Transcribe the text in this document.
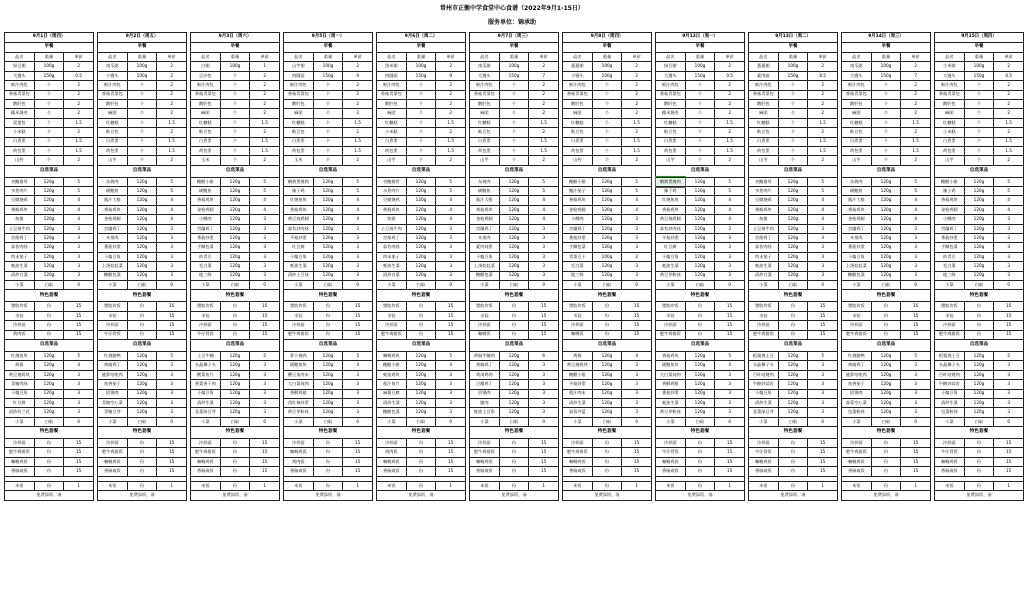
常州市正衡中学食堂中心食谱（2022年9月1-15日）
服务单位：锦承助
9月1日（周四）		
早餐		
品名	重量	单价
绿豆粥	100g	2
大馒头	150g	0.5
鲜汁肉包	个	2
香菇青菜包	个	2
鹅肝包	个	2
糯米烧麦	个	2
富莲包	个	1.5
小米糕	个	2
白煮蛋	个	1.5
荷包蛋	个	1.5
山药	个	2
自选菜品		
杏鲍排骨	120g	5
水煮肉片	120g	5
豆腐烧鸡	120g	4
黄焖鸡块	120g	4
鱼排	120g	4
土豆炖牛肉	120g	3
宫保鸡丁	120g	3
蒜苔肉丝	120g	3
肉末茄子	120g	3
蚝油生菜	120g	3
清炒白菜	120g	3
小菜	白取	0
特色套餐		
猪肋炸饭	份	15
水饺	份	15
冷拌面	份	15
鸡肉饭	份	15
自选菜品		
红烧鱼块	120g	5
鸡排	120g	4
黄豆烧鸡块	120g	3
青椒肉丝	120g	3
干煸豆角	120g	3
红豆腐	120g	3
清炒西兰花	120g	3
小菜	白取	0
特色套餐		
冷拌面	份	15
肥牛鸡排饭	份	15
咖喱鸡饭	份	15
香肠咸饭	份	15

米饭	份	1
免费添饭、汤		
9月2日（周五）		
早餐		
品名	重量	单价
南瓜粥	100g	2
小馒头	100g	2
鲜汁肉包	个	2
香菇青菜包	个	2
鹅肝包	个	2
麻团	个	2
红糖糕	个	1.5
粘豆包	个	2
白煮蛋	个	1.5
荷包蛋	个	1.5
山芋	个	2
自选菜品		
东坡肉	120g	5
刷鲍鱼	120g	5
酱汁大排	120g	4
香菇鸡块	120g	4
金枪鸡腿	120g	4
宫爆鸡丁	120g	3
木须肉	120g	3
番茄炒蛋	120g	3
干煸豆角	120g	3
上汤娃娃菜	120g	3
糖醋包菜	120g	3
小菜	白取	0
特色套餐		
猪肋炸饭	份	15
水饺	份	15
冷拌面	份	15
牛仔骨饭	份	15
自选菜品		
红烧腊鸭	120g	5
黄焖鸡丁	120g	3
菠萝咕咾肉	120g	3
鱼香茄子	120g	3
回锅肉	120g	3
青椒空心菜	120g	3
青椒豆芽	120g	3
小菜	白取	0
特色套餐		
冷拌面	份	15
肥牛鸡排饭	份	15
咖喱鸡饭	份	15
香肠咸饭	份	15

米饭	份	1
免费添饭、汤		
9月3日（周六）		
早餐		
品名	重量	单价
白粥	100g	1
豆沙包	个	2
鲜汁肉包	个	2
香菇青菜包	个	2
鹅肝包	个	2
麻团	个	2
红糖糕	个	1.5
粘豆包	个	2
白煮蛋	个	1.5
荷包蛋	个	1.5
玉米	个	2
自选菜品		
糖醋小排	120g	5
刷鲍鱼	120g	5
香菇鸡块	120g	4
金枪鸡腿	120g	4
小酥肉	120g	3
宫爆鸡丁	120g	3
番茄炒蛋	120g	3
手撕包菜	120g	3
炒青豆	120g	3
毛白菜	120g	3
地三鲜	120g	3
小菜	白取	0
特色套餐		
猪肋炸饭	份	15
水饺	份	15
冷拌面	份	15
牛仔骨饭	份	15
自选菜品		
土豆牛腩	120g	5
水晶狮子头	120g	3
酸菜鱼片	120g	3
香菜香干肉	120g	3
干煸豆角	120g	3
清炒生菜	120g	3
韭菜绿豆芽	120g	3
小菜	白取	0
特色套餐		
冷拌面	份	15
肥牛鸡排饭	份	15
咖喱鸡饭	份	15
香肠咸饭	份	15

米饭	份	1
免费添饭、汤		
9月5日（周一）		
早餐		
品名	重量	单价
山芋粥	100g	2
肉圆面	150g	9
鲜汁肉包	个	2
香菇青菜包	个	2
鹅肝包	个	2
麻团	个	2
红糖糕	个	1.5
粘豆包	个	2
白煮蛋	个	1.5
荷包蛋	个	1.5
玉米	个	2
自选菜品		
鹌鹑蛋烧肉	120g	5
辣子鸡	120g	5
红烧鱼块	120g	4
香菇鸡块	120g	4
黄豆炖鸡腿	120g	4
蒜苔炒肉丝	120g	3
平菇炒蛋	120g	3
红豆腐	120g	3
干煸豆角	120g	3
蚝油生菜	120g	3
清炒土豆丝	120g	3
小菜	白取	0
特色套餐		
猪肋炸饭	份	15
水饺	份	15
冷拌面	份	15
肥牛鸡排饭	份	15
自选菜品		
萝卜烧肉	120g	5
刷鲍鱼块	120g	4
酸豆角肉末	120g	3
大白菜炖肉	120g	3
香酥鸡排	120g	3
西红柿炒蛋	120g	3
黄豆芽粉丝	120g	3
小菜	白取	0
特色套餐		
冷拌面	份	15
咖喱鸡饭	份	15
鸡肉饭	份	15
香肠咸饭	份	15

米饭	份	1
免费添饭、汤		
9月6日（周二）		
早餐		
品名	重量	单价
黑米粥	100g	2
肉圆面	150g	9
鲜汁肉包	个	2
香菇青菜包	个	2
鹅肝包	个	2
麻团	个	2
红糖糕	个	1.5
小米糕	个	2
白煮蛋	个	1.5
荷包蛋	个	1.5
山芋	个	2
自选菜品		
杏鲍排骨	120g	5
水煮肉片	120g	5
豆腐烧鸡	120g	4
黄焖鸡块	120g	4
鱼排	120g	4
土豆炖牛肉	120g	3
宫保鸡丁	120g	3
蒜苔肉丝	120g	3
肉末茄子	120g	3
蚝油生菜	120g	3
清炒白菜	120g	3
小菜	白取	0
特色套餐		
猪肋炸饭	份	15
水饺	份	15
冷拌面	份	15
肥牛鸡排饭	份	15
自选菜品		
咖喱鸡块	120g	5
糖醋小排	120g	4
蚝油鸡块	120g	3
茄汁鱼片	120g	3
麻婆豆腐	120g	3
清炒生菜	120g	3
糖醋包菜	120g	3
小菜	白取	0
特色套餐		
冷拌面	份	15
鸡肉饭	份	15
咖喱鸡饭	份	15
香肠咸饭	份	15

米饭	份	1
免费添饭、汤		
9月7日（周三）		
早餐		
品名	重量	单价
南瓜粥	100g	2
大馒头	150g	7
鲜汁肉包	个	2
香菇青菜包	个	2
鹅肝包	个	2
麻团	个	2
红糖糕	个	1.5
粘豆包	个	2
白煮蛋	个	1.5
荷包蛋	个	1.5
山芋	个	2
自选菜品		
东坡肉	120g	5
刷鲍鱼	120g	5
酱汁大排	120g	4
香菇鸡块	120g	4
金枪鸡腿	120g	4
宫爆鸡丁	120g	3
木须肉	120g	3
素肉炖蛋	120g	3
干煸豆角	120g	3
上汤娃娃菜	120g	3
糖醋包菜	120g	3
小菜	白取	0
特色套餐		
猪肋炸饭	份	15
水饺	份	15
冷拌面	份	15
咖喱饭	份	15
自选菜品		
黄焖牛腩肉	120g	6
黄焖鸡丁	120g	3
鸡汤鸡肉	120g	3
豆瓣鸡丁	120g	3
回锅肉	120g	3
腊肉	120g	3
蚝油上豆角	120g	3
小菜	白取	0
特色套餐		
冷拌面	份	15
肥牛鸡排饭	份	15
咖喱鸡饭	份	15
香肠咸饭	份	15

米饭	份	1
免费添饭、汤		
9月8日（周四）		
早餐		
品名	重量	单价
薏薏粥	100g	2
小馒头	100g	2
鲜汁肉包	个	2
香菇青菜包	个	2
鹅肝包	个	2
麻团	个	2
红糖糕	个	1.5
粘豆包	个	2
白煮蛋	个	1.5
荷包蛋	个	1.5
山药	个	2
自选菜品		
糖醋小排	120g	5
鲍汁茄子	120g	5
香菇鸡块	120g	4
金枪鸡腿	120g	4
小酥肉	120g	3
宫爆鸡丁	120g	3
番茄炒蛋	120g	3
手撕包菜	120g	3
青菜豆干	100g	2
毛白菜	120g	3
地三鲜	120g	3
小菜	白取	0
特色套餐		
猪肋炸饭	份	15
水饺	份	15
冷拌面	份	15
咖喱饭	份	15
自选菜品		
鸡排	120g	4
黄豆烧鸡块	120g	3
糖醋小排	120g	3
平菇炒蛋	120g	3
茄汁肉末	120g	3
清炒生菜	120g	3
蒜蓉芥蓝	120g	3
小菜	白取	0
特色套餐		
冷拌面	份	15
肥牛鸡排饭	份	15
咖喱鸡饭	份	15
香肠咸饭	份	15

米饭	份	1
免费添饭、汤		
9月12日（周一）		
早餐		
品名	重量	单价
绿豆粥	100g	2
大馒头	150g	0.5
鲜汁肉包	个	2
香菇青菜包	个	2
鹅肝包	个	2
糯米烧麦	个	2
红糖糕	个	1.5
粘豆包	个	2
白煮蛋	个	1.5
荷包蛋	个	1.5
山芋	个	2
自选菜品		
鹌鹑蛋烧肉	120g	5
辣子鸡	120g	5
红烧鱼块	120g	4
香菇鸡块	120g	4
黄豆炖鸡腿	120g	4
蒜苔炒肉丝	120g	3
平菇炒蛋	120g	3
红豆腐	120g	3
干煸豆角	120g	3
蚝油生菜	120g	3
黄豆芽粉丝	120g	3
小菜	白取	0
特色套餐		
猪肋炸饭	份	15
水饺	份	15
冷拌面	份	15
肥牛鸡排饭	份	15
自选菜品		
香菇鸡块	120g	5
刷鲍鱼块	120g	4
大白菜炖肉	120g	3
香酥鸡排	120g	3
番茄炒蛋	120g	3
蚝油生菜	120g	3
黄豆芽粉丝	120g	3
小菜	白取	0
特色套餐		
冷拌面	份	15
牛仔骨饭	份	15
咖喱鸡饭	份	15
香肠咸饭	份	15

米饭	份	1
免费添饭、汤		
9月13日（周二）		
早餐		
品名	重量	单价
薏薏粥	100g	2
素肉面	150g	8.5
鲜汁肉包	个	2
香菇青菜包	个	2
鹅肝包	个	2
麻团	个	2
红糖糕	个	1.5
粘豆包	个	2
白煮蛋	个	1.5
荷包蛋	个	1.5
山芋	个	2
自选菜品		
杏鲍排骨	120g	5
水煮肉片	120g	5
豆腐烧鸡	120g	4
黄焖鸡块	120g	4
鱼排	120g	4
土豆炖牛肉	120g	3
宫保鸡丁	120g	3
蒜苔肉丝	120g	3
肉末茄子	120g	3
蚝油生菜	120g	3
清炒白菜	120g	3
小菜	白取	0
特色套餐		
猪肋炸饭	份	15
水饺	份	15
冷拌面	份	15
肥牛鸡排饭	份	15
自选菜品		
板栗烧土豆	120g	5
水晶狮子头	120g	3
百叶结烧肉	120g	3
牛柳炒蒜苔	120g	3
干煸豆角	120g	3
清炒生菜	120g	3
韭菜绿豆芽	120g	3
小菜	白取	0
特色套餐		
冷拌面	份	15
牛仔骨饭	份	15
咖喱鸡饭	份	15
香肠咸饭	份	15

米饭	份	1
免费添饭、汤		
9月14日（周三）		
早餐		
品名	重量	单价
南瓜粥	100g	2
大馒头	150g	7
鲜汁肉包	个	2
香菇青菜包	个	2
鹅肝包	个	2
麻团	个	2
红糖糕	个	1.5
粘豆包	个	2
白煮蛋	个	1.5
荷包蛋	个	1.5
山芋	个	2
自选菜品		
东坡肉	120g	5
刷鲍鱼	120g	5
酱汁大排	120g	4
香菇鸡块	120g	4
金枪鸡腿	120g	4
宫爆鸡丁	120g	3
木须肉	120g	3
番茄炒蛋	120g	3
干煸豆角	120g	3
上汤娃娃菜	120g	3
糖醋包菜	120g	3
小菜	白取	0
特色套餐		
猪肋炸饭	份	15
水饺	份	15
冷拌面	份	15
肥牛鸡排饭	份	15
自选菜品		
红烧腊鸭	120g	5
黄焖鸡丁	120g	3
菠萝咕咾肉	120g	3
鱼香茄子	120g	3
回锅肉	120g	3
蒜蓉空心菜	120g	3
包菜粉丝	120g	3
小菜	白取	0
特色套餐		
冷拌面	份	15
肥牛鸡排饭	份	15
咖喱鸡饭	份	15
香肠咸饭	份	15

米饭	份	1
免费添饭、汤		
9月15日（周四）		
早餐		
品名	重量	单价
小米粥	100g	2
大馒头	150g	0.5
鲜汁肉包	个	2
香菇青菜包	个	2
鹅肝包	个	2
麻团	个	2
红糖糕	个	1.5
小米糕	个	2
白煮蛋	个	1.5
荷包蛋	个	1.5
山芋	个	2
自选菜品		
糖醋小排	120g	5
辣子鸡	120g	5
香菇鸡块	120g	4
金枪鸡腿	120g	4
小酥肉	120g	3
宫爆鸡丁	120g	3
番茄炒蛋	120g	3
手撕包菜	120g	3
炒青豆	120g	3
毛白菜	120g	3
地三鲜	120g	3
小菜	白取	0
特色套餐		
猪肋炸饭	份	15
水饺	份	15
冷拌面	份	15
肥牛鸡排饭	份	15
自选菜品		
板栗烧土豆	120g	5
水晶狮子头	120g	3
百叶结烧肉	120g	3
牛柳炒蒜苔	120g	3
干煸豆角	120g	3
清炒生菜	120g	3
包菜粉丝	120g	3
小菜	白取	0
特色套餐		
冷拌面	份	15
牛仔骨饭	份	15
咖喱鸡饭	份	15
香肠咸饭	份	15

米饭	份	1
免费添饭、汤		
